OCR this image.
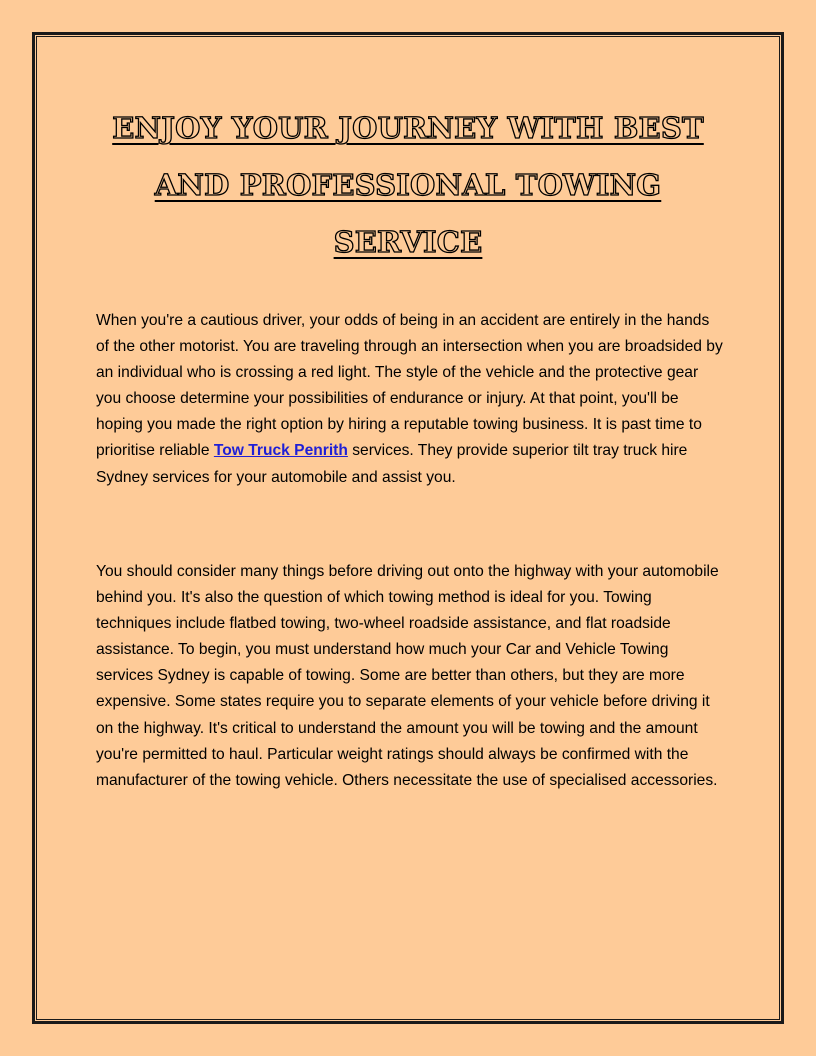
ENJOY YOUR JOURNEY WITH BEST AND PROFESSIONAL TOWING SERVICE

When you're a cautious driver, your odds of being in an accident are entirely in the hands of the other motorist. You are traveling through an intersection when you are broadsided by an individual who is crossing a red light. The style of the vehicle and the protective gear you choose determine your possibilities of endurance or injury. At that point, you'll be hoping you made the right option by hiring a reputable towing business. It is past time to prioritise reliable Tow Truck Penrith services. They provide superior tilt tray truck hire Sydney services for your automobile and assist you.

You should consider many things before driving out onto the highway with your automobile behind you. It's also the question of which towing method is ideal for you. Towing techniques include flatbed towing, two-wheel roadside assistance, and flat roadside assistance. To begin, you must understand how much your Car and Vehicle Towing services Sydney is capable of towing. Some are better than others, but they are more expensive. Some states require you to separate elements of your vehicle before driving it on the highway. It's critical to understand the amount you will be towing and the amount you're permitted to haul. Particular weight ratings should always be confirmed with the manufacturer of the towing vehicle. Others necessitate the use of specialised accessories.
